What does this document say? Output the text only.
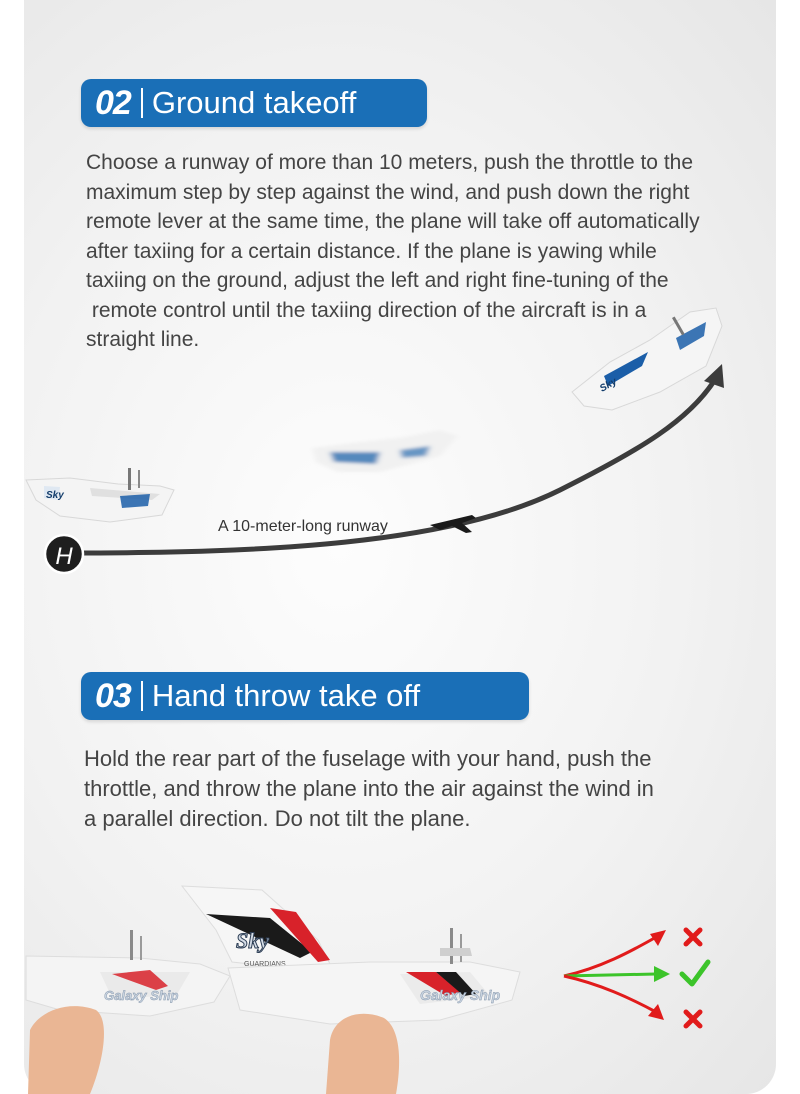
02 Ground takeoff

Choose a runway of more than 10 meters, push the throttle to the
maximum step by step against the wind, and push down the right
remote lever at the same time, the plane will take off automatically
after taxiing for a certain distance. If the plane is yawing while
taxiing on the ground, adjust the left and right fine-tuning of the
remote control until the taxiing direction of the aircraft is in a
straight line.

03 Hand throw take off

Hold the rear part of the fuselage with your hand, push the
throttle, and throw the plane into the air against the wind in
a parallel direction. Do not tilt the plane.

H
Sky
Sky
A 10-meter-long runway
Galaxy Ship
Sky
GUARDIANS
Galaxy Ship
